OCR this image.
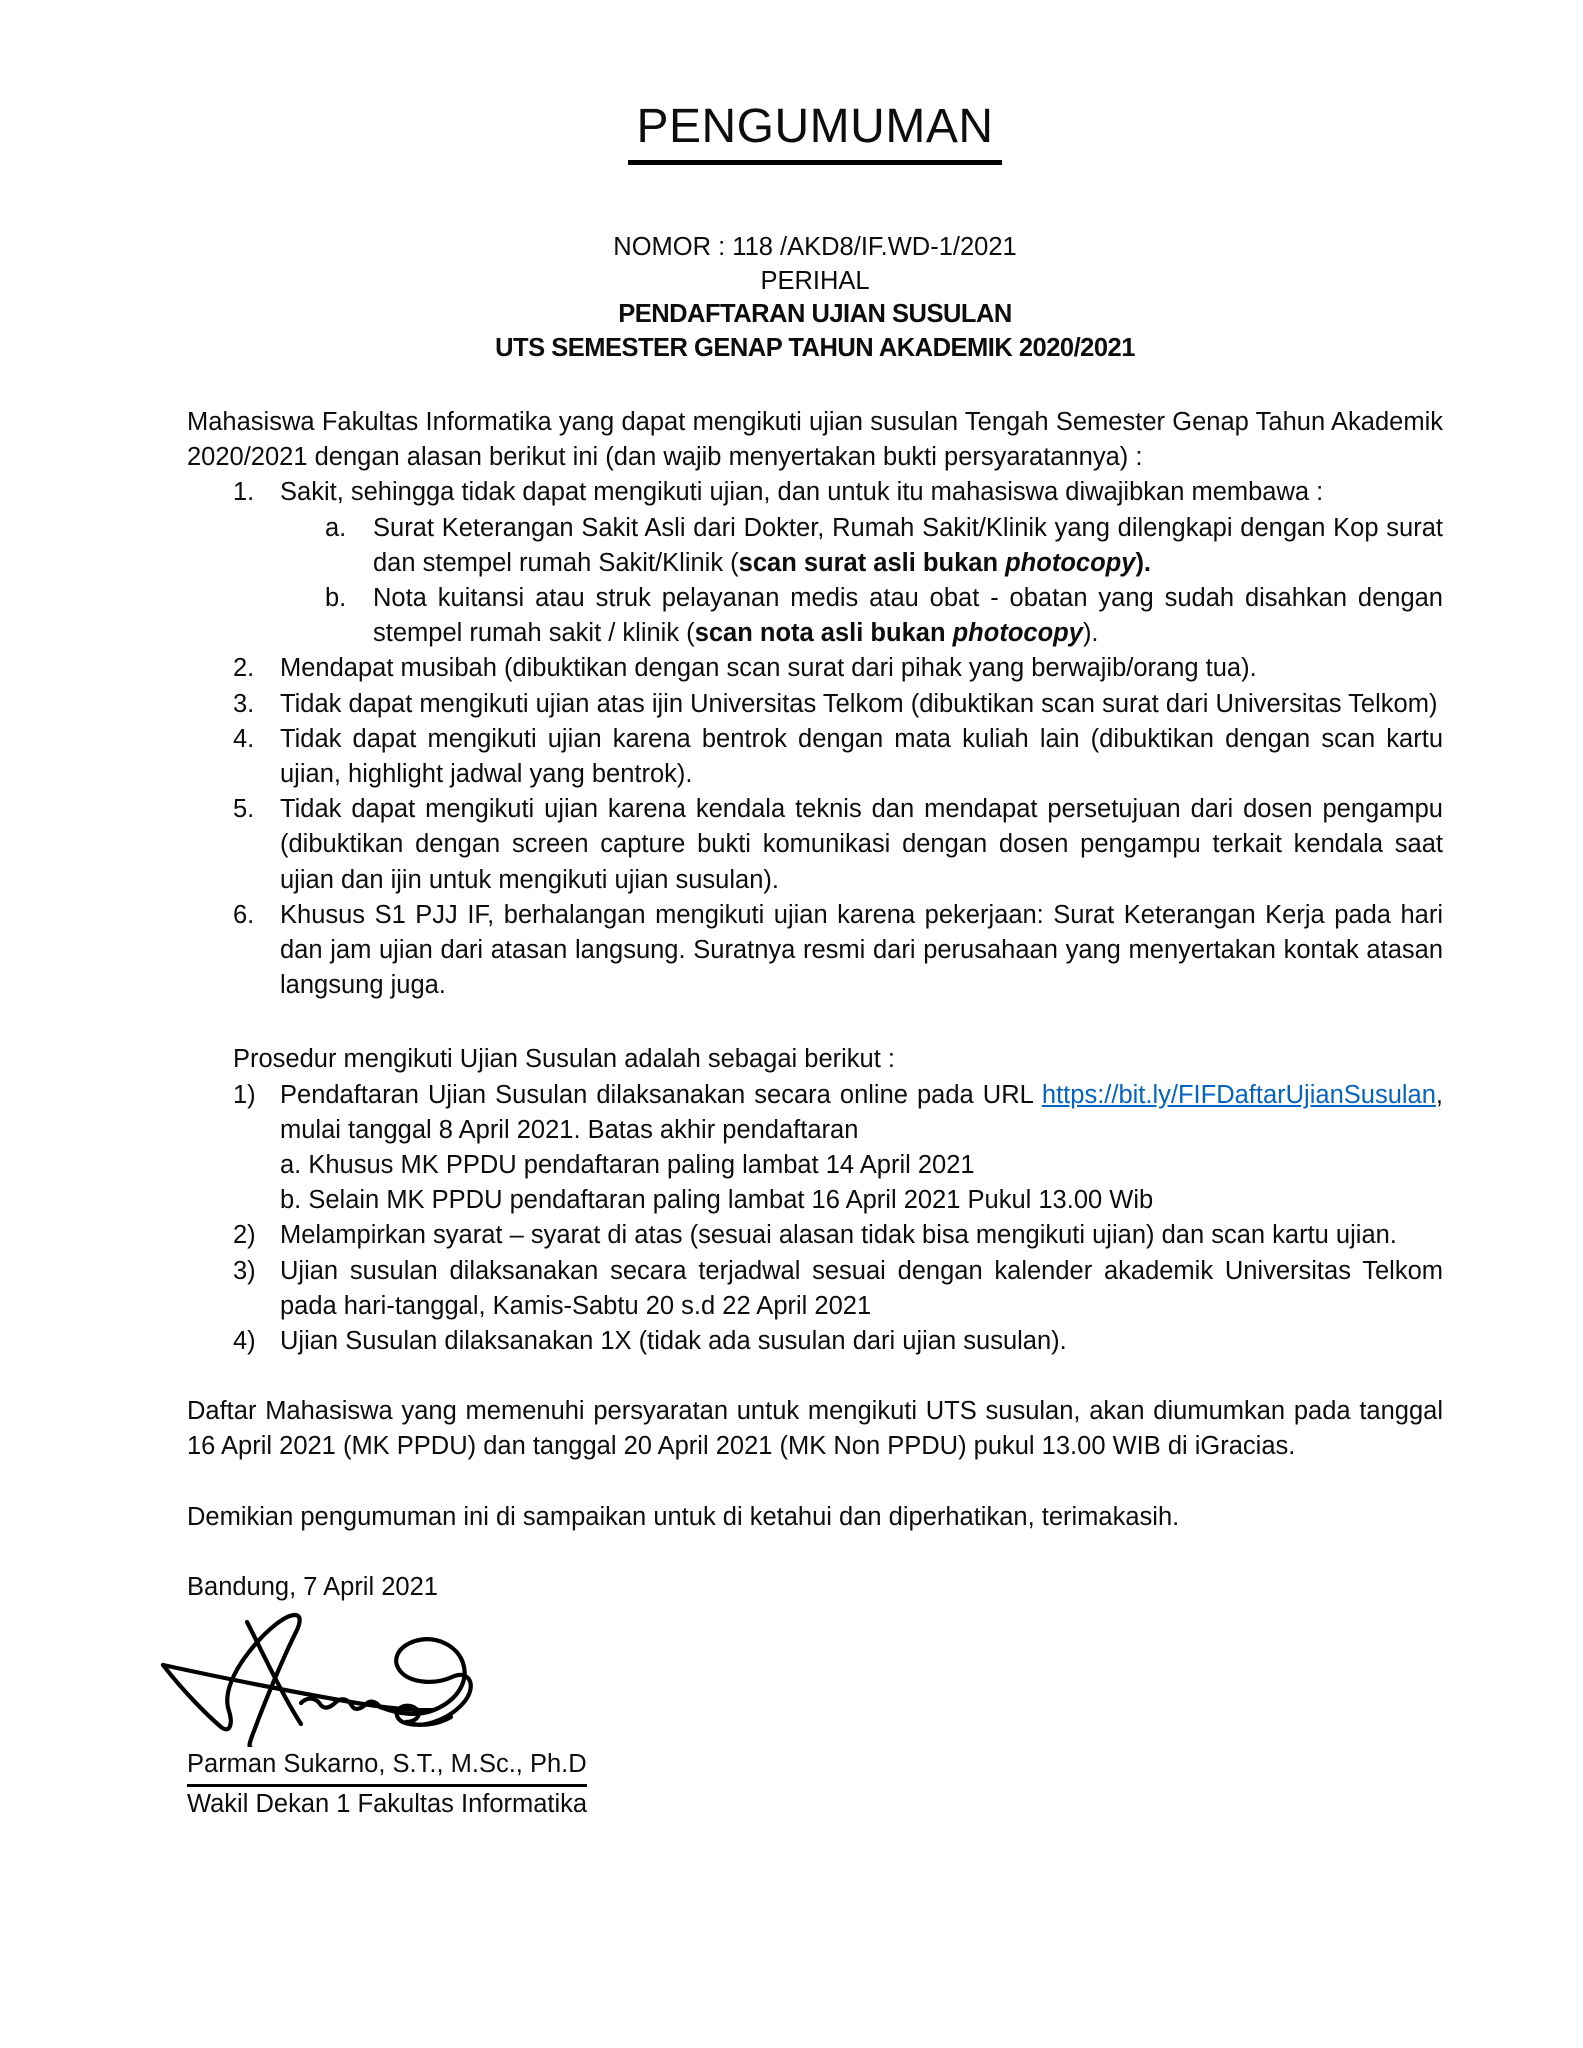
PENGUMUMAN
NOMOR : 118 /AKD8/IF.WD-1/2021
PERIHAL
PENDAFTARAN UJIAN SUSULAN
UTS SEMESTER GENAP TAHUN AKADEMIK 2020/2021

Mahasiswa Fakultas Informatika yang dapat mengikuti ujian susulan Tengah Semester Genap Tahun Akademik 2020/2021 dengan alasan berikut ini (dan wajib menyertakan bukti persyaratannya) :

1.	Sakit, sehingga tidak dapat mengikuti ujian, dan untuk itu mahasiswa diwajibkan membawa :
a.	Surat Keterangan Sakit Asli dari Dokter, Rumah Sakit/Klinik yang dilengkapi dengan Kop surat dan stempel rumah Sakit/Klinik (scan surat asli bukan photocopy).
b.	Nota kuitansi atau struk pelayanan medis atau obat - obatan yang sudah disahkan dengan stempel rumah sakit / klinik (scan nota asli bukan photocopy).
2.	Mendapat musibah (dibuktikan dengan scan surat dari pihak yang berwajib/orang tua).
3.	Tidak dapat mengikuti ujian atas ijin Universitas Telkom (dibuktikan scan surat dari Universitas Telkom)
4.	Tidak dapat mengikuti ujian karena bentrok dengan mata kuliah lain (dibuktikan dengan scan kartu ujian, highlight jadwal yang bentrok).
5.	Tidak dapat mengikuti ujian karena kendala teknis dan mendapat persetujuan dari dosen pengampu (dibuktikan dengan screen capture bukti komunikasi dengan dosen pengampu terkait kendala saat ujian dan ijin untuk mengikuti ujian susulan).
6.	Khusus S1 PJJ IF, berhalangan mengikuti ujian karena pekerjaan: Surat Keterangan Kerja pada hari dan jam ujian dari atasan langsung. Suratnya resmi dari perusahaan yang menyertakan kontak atasan langsung juga.
Prosedur mengikuti Ujian Susulan adalah sebagai berikut :
1) Pendaftaran Ujian Susulan dilaksanakan secara online pada URL https://bit.ly/FIFDaftarUjianSusulan, mulai tanggal 8 April 2021. Batas akhir pendaftaran
a. Khusus MK PPDU pendaftaran paling lambat 14 April 2021
b. Selain MK PPDU pendaftaran paling lambat 16 April 2021 Pukul 13.00 Wib
2) Melampirkan syarat – syarat di atas (sesuai alasan tidak bisa mengikuti ujian) dan scan kartu ujian.
3) Ujian susulan dilaksanakan secara terjadwal sesuai dengan kalender akademik Universitas Telkom pada hari-tanggal, Kamis-Sabtu 20 s.d 22 April 2021
4) Ujian Susulan dilaksanakan 1X (tidak ada susulan dari ujian susulan).

Daftar Mahasiswa yang memenuhi persyaratan untuk mengikuti UTS susulan, akan diumumkan pada tanggal 16 April 2021 (MK PPDU) dan tanggal 20 April 2021 (MK Non PPDU) pukul 13.00 WIB di iGracias.

Demikian pengumuman ini di sampaikan untuk di ketahui dan diperhatikan, terimakasih.

Bandung, 7 April 2021

Parman Sukarno, S.T., M.Sc., Ph.D
Wakil Dekan 1 Fakultas Informatika
